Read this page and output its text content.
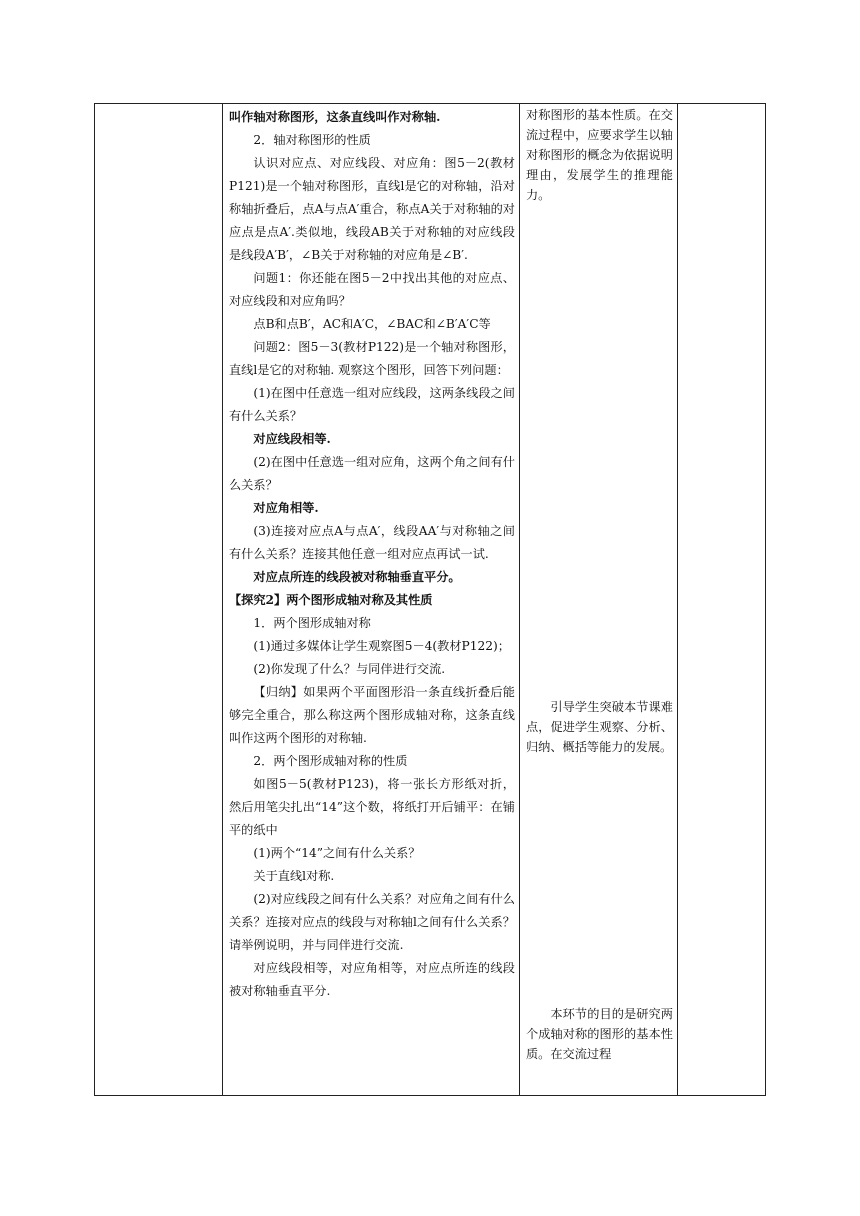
叫作轴对称图形，这条直线叫作对称轴.

2．轴对称图形的性质

认识对应点、对应线段、对应角：图5－2(教材P121)是一个轴对称图形，直线l是它的对称轴，沿对称轴折叠后，点A与点A′重合，称点A关于对称轴的对应点是点A′.类似地，线段AB关于对称轴的对应线段是线段A′B′，∠B关于对称轴的对应角是∠B′.

问题1：你还能在图5－2中找出其他的对应点、对应线段和对应角吗？

点B和点B′，AC和A′C，∠BAC和∠B′A′C等

问题2：图5－3(教材P122)是一个轴对称图形，直线l是它的对称轴. 观察这个图形，回答下列问题：

(1)在图中任意选一组对应线段，这两条线段之间有什么关系？

对应线段相等.

(2)在图中任意选一组对应角，这两个角之间有什么关系？

对应角相等.

(3)连接对应点A与点A′，线段AA′与对称轴之间有什么关系？连接其他任意一组对应点再试一试.

对应点所连的线段被对称轴垂直平分。

【探究2】两个图形成轴对称及其性质

1．两个图形成轴对称

(1)通过多媒体让学生观察图5－4(教材P122)；

(2)你发现了什么？与同伴进行交流.

【归纳】如果两个平面图形沿一条直线折叠后能够完全重合，那么称这两个图形成轴对称，这条直线叫作这两个图形的对称轴.

2．两个图形成轴对称的性质

如图5－5(教材P123)，将一张长方形纸对折，然后用笔尖扎出“14”这个数，将纸打开后铺平：在铺平的纸中

(1)两个“14”之间有什么关系？

关于直线l对称.

(2)对应线段之间有什么关系？对应角之间有什么关系？连接对应点的线段与对称轴l之间有什么关系？请举例说明，并与同伴进行交流.

对应线段相等，对应角相等，对应点所连的线段被对称轴垂直平分.

对称图形的基本性质。在交流过程中，应要求学生以轴对称图形的概念为依据说明理由，发展学生的推理能力。

引导学生突破本节课难点，促进学生观察、分析、归纳、概括等能力的发展。

本环节的目的是研究两个成轴对称的图形的基本性质。在交流过程
